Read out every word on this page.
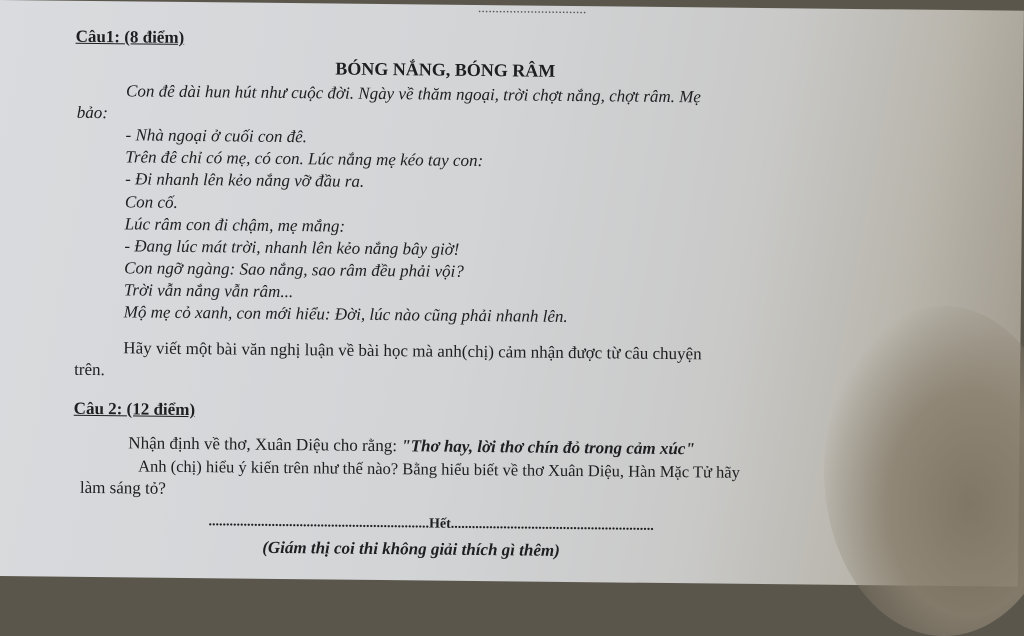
...............................
Câu1: (8 điểm)
BÓNG NẮNG, BÓNG RÂM
Con đê dài hun hút như cuộc đời. Ngày về thăm ngoại, trời chợt nắng, chợt râm. Mẹ
bảo:
- Nhà ngoại ở cuối con đê.
Trên đê chỉ có mẹ, có con. Lúc nắng mẹ kéo tay con:
- Đi nhanh lên kẻo nắng vỡ đầu ra.
Con cố.
Lúc râm con đi chậm, mẹ mắng:
- Đang lúc mát trời, nhanh lên kẻo nắng bây giờ!
Con ngỡ ngàng: Sao nắng, sao râm đều phải vội?
Trời vẫn nắng vẫn râm...
Mộ mẹ cỏ xanh, con mới hiểu: Đời, lúc nào cũng phải nhanh lên.
Hãy viết một bài văn nghị luận về bài học mà anh(chị) cảm nhận được từ câu chuyện
trên.
Câu 2: (12 điểm)
Nhận định về thơ, Xuân Diệu cho rằng: "Thơ hay, lời thơ chín đỏ trong cảm xúc"
Anh (chị) hiểu ý kiến trên như thế nào? Bằng hiểu biết về thơ Xuân Diệu, Hàn Mặc Tử hãy
làm sáng tỏ?
...............................................................Hết..........................................................
(Giám thị coi thi không giải thích gì thêm)
